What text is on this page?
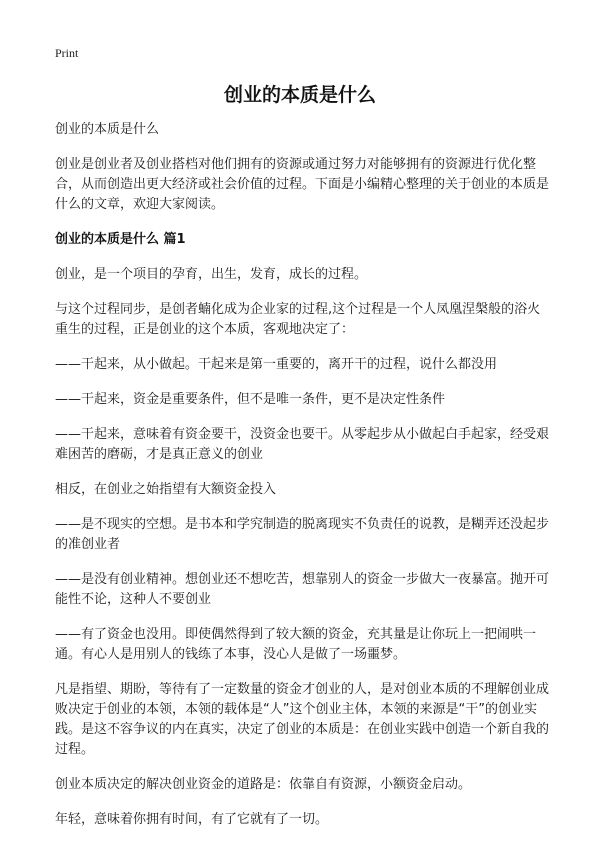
Print
创业的本质是什么

创业的本质是什么

创业是创业者及创业搭档对他们拥有的资源或通过努力对能够拥有的资源进行优化整合，从而创造出更大经济或社会价值的过程。下面是小编精心整理的关于创业的本质是什么的文章，欢迎大家阅读。

创业的本质是什么 篇1

创业，是一个项目的孕育，出生，发育，成长的过程。

与这个过程同步，是创者蝻化成为企业家的过程,这个过程是一个人凤凰涅槃般的浴火重生的过程，正是创业的这个本质，客观地决定了：

——干起来，从小做起。干起来是第一重要的，离开干的过程，说什么都没用

——干起来，资金是重要条件，但不是唯一条件，更不是决定性条件

——干起来，意味着有资金要干，没资金也要干。从零起步从小做起白手起家，经受艰难困苦的磨砺，才是真正意义的创业

相反，在创业之始指望有大额资金投入

——是不现实的空想。是书本和学究制造的脱离现实不负责任的说教，是糊弄还没起步的准创业者

——是没有创业精神。想创业还不想吃苦，想靠别人的资金一步做大一夜暴富。抛开可能性不论，这种人不要创业

——有了资金也没用。即使偶然得到了较大额的资金，充其量是让你玩上一把闹哄一通。有心人是用别人的钱练了本事，没心人是做了一场噩梦。

凡是指望、期盼，等待有了一定数量的资金才创业的人，是对创业本质的不理解创业成败决定于创业的本领，本领的载体是“人”这个创业主体，本领的来源是“干”的创业实践。是这不容争议的内在真实，决定了创业的本质是：在创业实践中创造一个新自我的过程。

创业本质决定的解决创业资金的道路是：依靠自有资源，小额资金启动。

年轻，意味着你拥有时间，有了它就有了一切。
